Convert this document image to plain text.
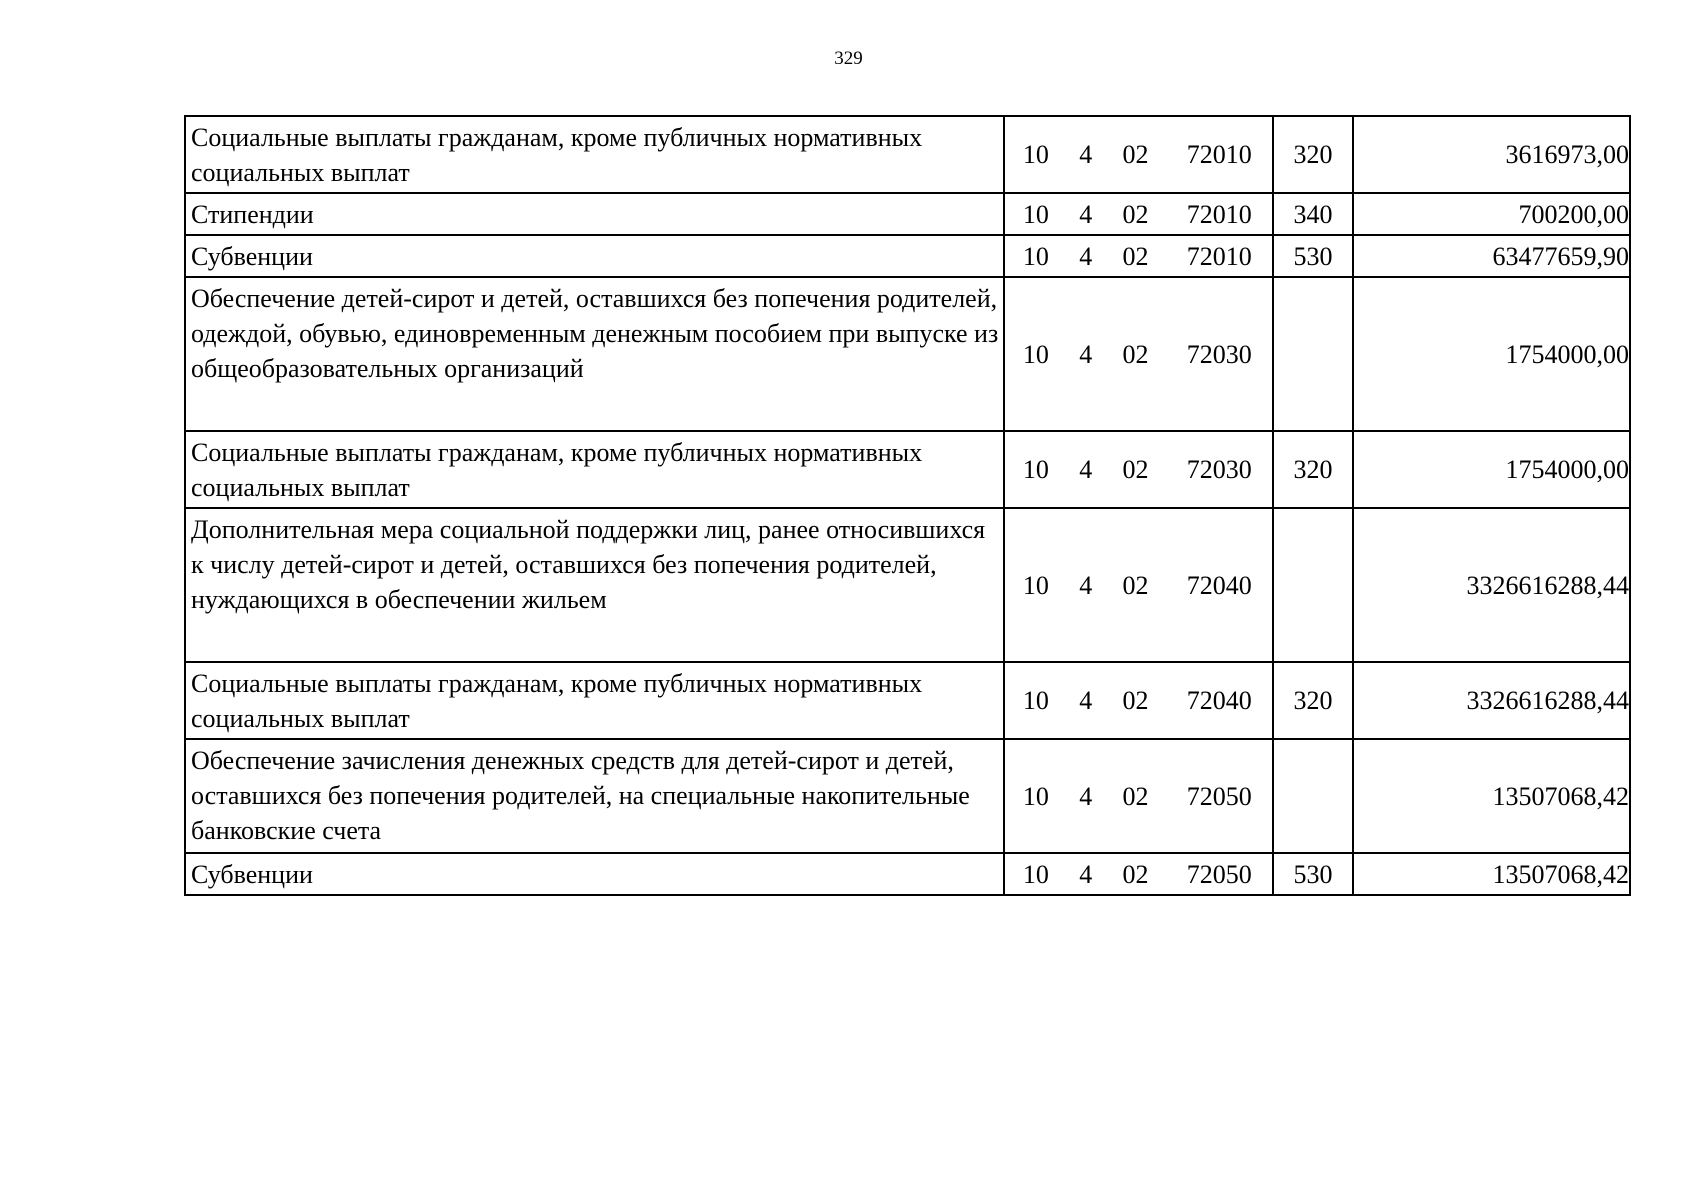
329
Социальные выплаты гражданам, кроме публичных нормативных социальных выплат	10 4 02 72010	320	3616973,00
Стипендии	10 4 02 72010	340	700200,00
Субвенции	10 4 02 72010	530	63477659,90
Обеспечение детей-сирот и детей, оставшихся без попечения родителей, одеждой, обувью, единовременным денежным пособием при выпуске из общеобразовательных организаций	10 4 02 72030		1754000,00
Социальные выплаты гражданам, кроме публичных нормативных социальных выплат	10 4 02 72030	320	1754000,00
Дополнительная мера социальной поддержки лиц, ранее относившихся к числу детей-сирот и детей, оставшихся без попечения родителей, нуждающихся в обеспечении жильем	10 4 02 72040		3326616288,44
Социальные выплаты гражданам, кроме публичных нормативных социальных выплат	10 4 02 72040	320	3326616288,44
Обеспечение зачисления денежных средств для детей-сирот и детей, оставшихся без попечения родителей, на специальные накопительные банковские счета	10 4 02 72050		13507068,42
Субвенции	10 4 02 72050	530	13507068,42
